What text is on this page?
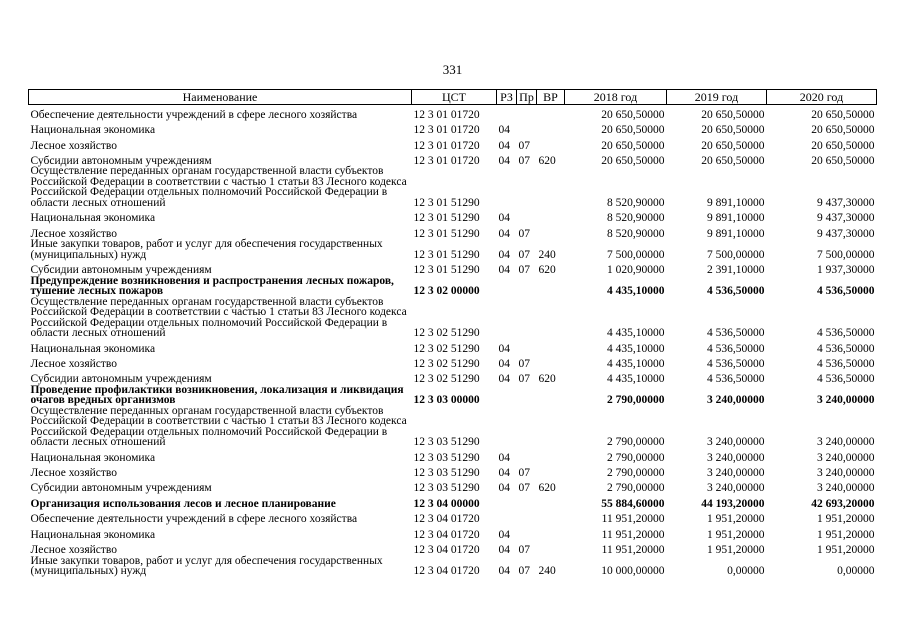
331
Наименование	ЦСТ	РЗ	Пр	ВР	2018 год	2019 год	2020 год
Обеспечение деятельности учреждений в сфере лесного хозяйства	12 3 01 01720				20 650,50000	20 650,50000	20 650,50000
Национальная экономика	12 3 01 01720	04			20 650,50000	20 650,50000	20 650,50000
Лесное хозяйство	12 3 01 01720	04	07		20 650,50000	20 650,50000	20 650,50000
Субсидии автономным учреждениям	12 3 01 01720	04	07	620	20 650,50000	20 650,50000	20 650,50000
Осуществление переданных органам государственной власти субъектов Российской Федерации в соответствии с частью 1 статьи 83 Лесного кодекса Российской Федерации отдельных полномочий Российской Федерации в области лесных отношений	12 3 01 51290				8 520,90000	9 891,10000	9 437,30000
Национальная экономика	12 3 01 51290	04			8 520,90000	9 891,10000	9 437,30000
Лесное хозяйство	12 3 01 51290	04	07		8 520,90000	9 891,10000	9 437,30000
Иные закупки товаров, работ и услуг для обеспечения государственных (муниципальных) нужд	12 3 01 51290	04	07	240	7 500,00000	7 500,00000	7 500,00000
Субсидии автономным учреждениям	12 3 01 51290	04	07	620	1 020,90000	2 391,10000	1 937,30000
Предупреждение возникновения и распространения лесных пожаров, тушение лесных пожаров	12 3 02 00000				4 435,10000	4 536,50000	4 536,50000
Осуществление переданных органам государственной власти субъектов Российской Федерации в соответствии с частью 1 статьи 83 Лесного кодекса Российской Федерации отдельных полномочий Российской Федерации в области лесных отношений	12 3 02 51290				4 435,10000	4 536,50000	4 536,50000
Национальная экономика	12 3 02 51290	04			4 435,10000	4 536,50000	4 536,50000
Лесное хозяйство	12 3 02 51290	04	07		4 435,10000	4 536,50000	4 536,50000
Субсидии автономным учреждениям	12 3 02 51290	04	07	620	4 435,10000	4 536,50000	4 536,50000
Проведение профилактики возникновения, локализация и ликвидация очагов вредных организмов	12 3 03 00000				2 790,00000	3 240,00000	3 240,00000
Осуществление переданных органам государственной власти субъектов Российской Федерации в соответствии с частью 1 статьи 83 Лесного кодекса Российской Федерации отдельных полномочий Российской Федерации в области лесных отношений	12 3 03 51290				2 790,00000	3 240,00000	3 240,00000
Национальная экономика	12 3 03 51290	04			2 790,00000	3 240,00000	3 240,00000
Лесное хозяйство	12 3 03 51290	04	07		2 790,00000	3 240,00000	3 240,00000
Субсидии автономным учреждениям	12 3 03 51290	04	07	620	2 790,00000	3 240,00000	3 240,00000
Организация использования лесов и лесное планирование	12 3 04 00000				55 884,60000	44 193,20000	42 693,20000
Обеспечение деятельности учреждений в сфере лесного хозяйства	12 3 04 01720				11 951,20000	1 951,20000	1 951,20000
Национальная экономика	12 3 04 01720	04			11 951,20000	1 951,20000	1 951,20000
Лесное хозяйство	12 3 04 01720	04	07		11 951,20000	1 951,20000	1 951,20000
Иные закупки товаров, работ и услуг для обеспечения государственных (муниципальных) нужд	12 3 04 01720	04	07	240	10 000,00000	0,00000	0,00000
